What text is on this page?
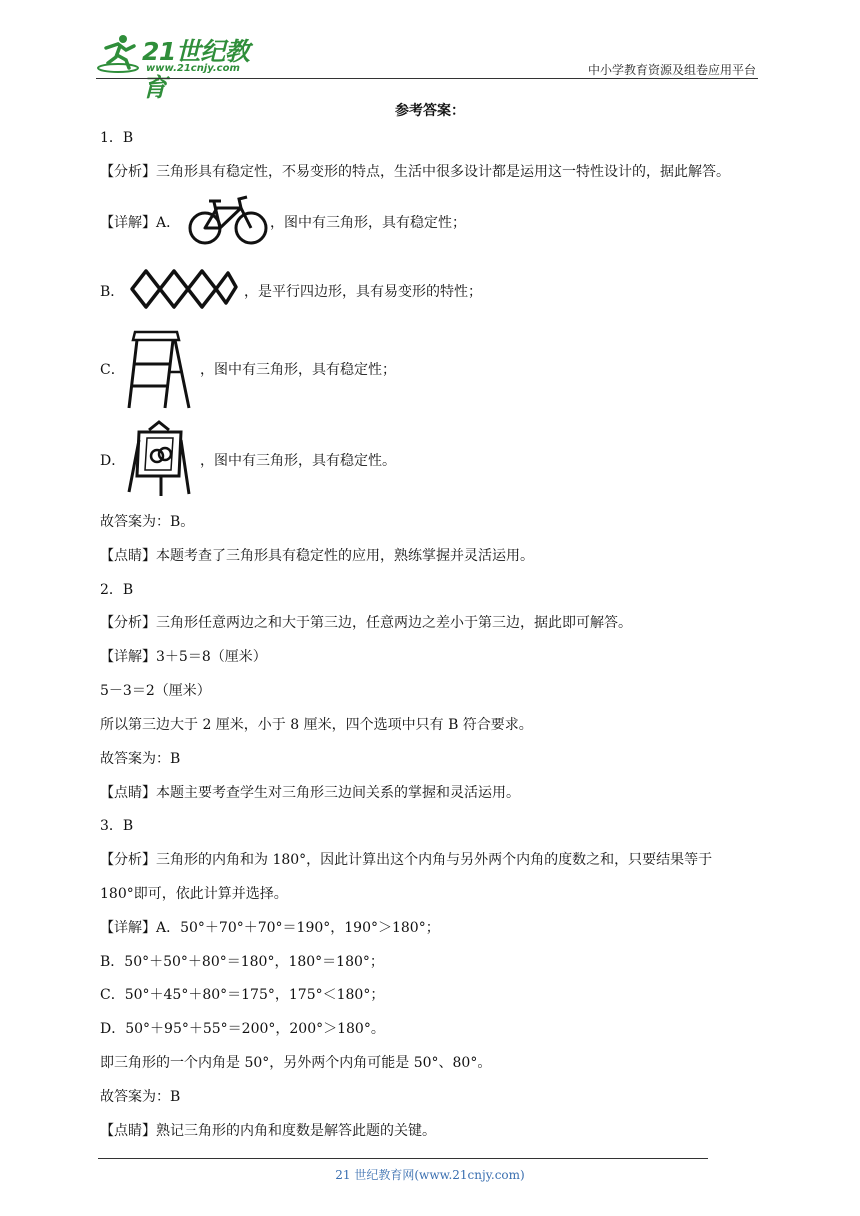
21世纪教育
www.21cnjy.com	中小学教育资源及组卷应用平台
参考答案：
1．B
【分析】三角形具有稳定性，不易变形的特点，生活中很多设计都是运用这一特性设计的，据此解答。
【详解】A．	，图中有三角形，具有稳定性；
B．	，是平行四边形，具有易变形的特性；
C．	，图中有三角形，具有稳定性；
D．	，图中有三角形，具有稳定性。
故答案为：B。
【点睛】本题考查了三角形具有稳定性的应用，熟练掌握并灵活运用。
2．B
【分析】三角形任意两边之和大于第三边，任意两边之差小于第三边，据此即可解答。
【详解】3＋5＝8（厘米）
5－3＝2（厘米）
所以第三边大于 2 厘米，小于 8 厘米，四个选项中只有 B 符合要求。
故答案为：B
【点睛】本题主要考查学生对三角形三边间关系的掌握和灵活运用。
3．B
【分析】三角形的内角和为 180°，因此计算出这个内角与另外两个内角的度数之和，只要结果等于
180°即可，依此计算并选择。
【详解】A．50°＋70°＋70°＝190°，190°＞180°；
B．50°＋50°＋80°＝180°，180°＝180°；
C．50°＋45°＋80°＝175°，175°＜180°；
D．50°＋95°＋55°＝200°，200°＞180°。
即三角形的一个内角是 50°，另外两个内角可能是 50°、80°。
故答案为：B
【点睛】熟记三角形的内角和度数是解答此题的关键。
21 世纪教育网(www.21cnjy.com)
